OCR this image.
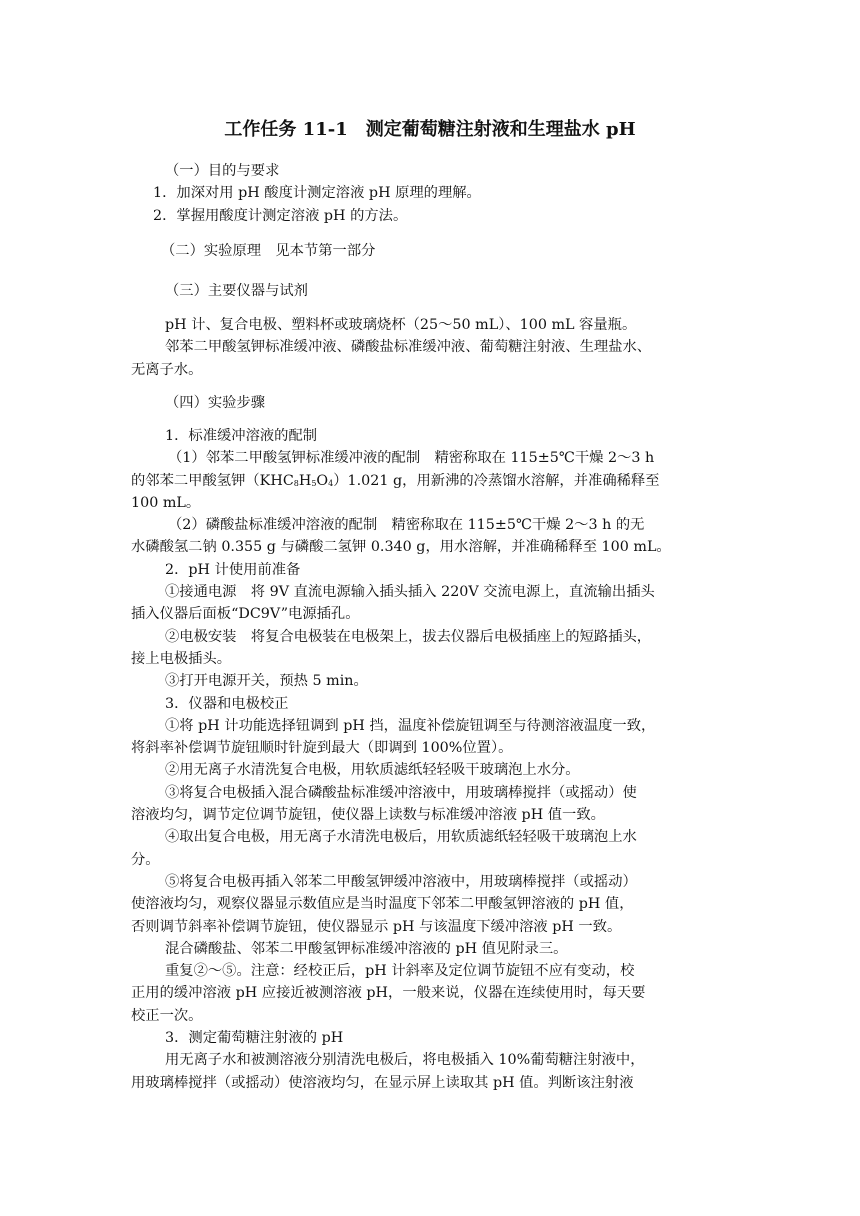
工作任务 11-1　测定葡萄糖注射液和生理盐水 pH

（一）目的与要求

1．加深对用 pH 酸度计测定溶液 pH 原理的理解。

2．掌握用酸度计测定溶液 pH 的方法。

（二）实验原理　见本节第一部分

（三）主要仪器与试剂

pH 计、复合电极、塑料杯或玻璃烧杯（25～50 mL）、100 mL 容量瓶。

邻苯二甲酸氢钾标准缓冲液、磷酸盐标准缓冲液、葡萄糖注射液、生理盐水、

无离子水。

（四）实验步骤

1．标准缓冲溶液的配制

（1）邻苯二甲酸氢钾标准缓冲液的配制　精密称取在 115±5℃干燥 2～3 h

的邻苯二甲酸氢钾$(KHC_8H_5O_4)1.021$ g，用新沸的冷蒸馏水溶解，并准确稀释至

100 mL。

（2）磷酸盐标准缓冲溶液的配制　精密称取在 115±5℃干燥 2～3 h 的无

水磷酸氢二钠 0.355 g 与磷酸二氢钾 0.340 g，用水溶解，并准确稀释至 100 mL。

2．pH 计使用前准备

①接通电源　将 9V 直流电源输入插头插入 220V 交流电源上，直流输出插头

插入仪器后面板“DC9V”电源插孔。

②电极安装　将复合电极装在电极架上，拔去仪器后电极插座上的短路插头，

接上电极插头。

③打开电源开关，预热 5 min。

3．仪器和电极校正

①将 pH 计功能选择钮调到 pH 挡，温度补偿旋钮调至与待测溶液温度一致，

将斜率补偿调节旋钮顺时针旋到最大（即调到 100%位置）。

②用无离子水清洗复合电极，用软质滤纸轻轻吸干玻璃泡上水分。

③将复合电极插入混合磷酸盐标准缓冲溶液中，用玻璃棒搅拌（或摇动）使

溶液均匀，调节定位调节旋钮，使仪器上读数与标准缓冲溶液 pH 值一致。

④取出复合电极，用无离子水清洗电极后，用软质滤纸轻轻吸干玻璃泡上水

分。

⑤将复合电极再插入邻苯二甲酸氢钾缓冲溶液中，用玻璃棒搅拌（或摇动）

使溶液均匀，观察仪器显示数值应是当时温度下邻苯二甲酸氢钾溶液的 pH 值，

否则调节斜率补偿调节旋钮，使仪器显示 pH 与该温度下缓冲溶液 pH 一致。

混合磷酸盐、邻苯二甲酸氢钾标准缓冲溶液的 pH 值见附录三。

重复②～⑤。注意：经校正后，pH 计斜率及定位调节旋钮不应有变动，校

正用的缓冲溶液 pH 应接近被测溶液 pH，一般来说，仪器在连续使用时，每天要

校正一次。

3．测定葡萄糖注射液的 pH

用无离子水和被测溶液分别清洗电极后，将电极插入 10%葡萄糖注射液中，

用玻璃棒搅拌（或摇动）使溶液均匀，在显示屏上读取其 pH 值。判断该注射液
